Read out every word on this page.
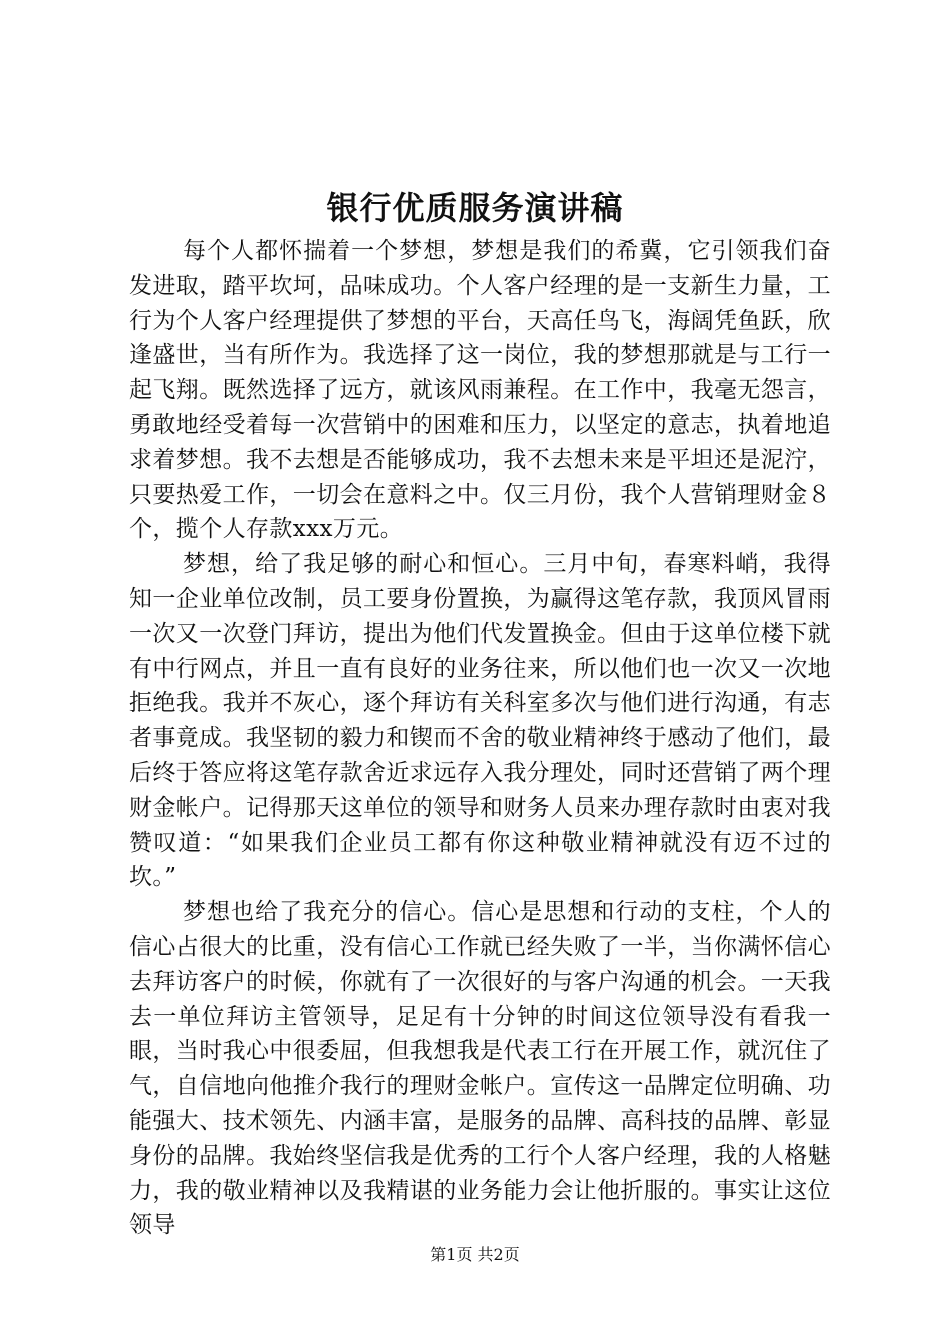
银行优质服务演讲稿

每个人都怀揣着一个梦想，梦想是我们的希冀，它引领我们奋发进取，踏平坎坷，品味成功。个人客户经理的是一支新生力量，工行为个人客户经理提供了梦想的平台，天高任鸟飞，海阔凭鱼跃，欣逢盛世，当有所作为。我选择了这一岗位，我的梦想那就是与工行一起飞翔。既然选择了远方，就该风雨兼程。在工作中，我毫无怨言，勇敢地经受着每一次营销中的困难和压力，以坚定的意志，执着地追求着梦想。我不去想是否能够成功，我不去想未来是平坦还是泥泞，只要热爱工作，一切会在意料之中。仅三月份，我个人营销理财金８个，揽个人存款xxx万元。

梦想，给了我足够的耐心和恒心。三月中旬，春寒料峭，我得知一企业单位改制，员工要身份置换，为赢得这笔存款，我顶风冒雨一次又一次登门拜访，提出为他们代发置换金。但由于这单位楼下就有中行网点，并且一直有良好的业务往来，所以他们也一次又一次地拒绝我。我并不灰心，逐个拜访有关科室多次与他们进行沟通，有志者事竟成。我坚韧的毅力和锲而不舍的敬业精神终于感动了他们，最后终于答应将这笔存款舍近求远存入我分理处，同时还营销了两个理财金帐户。记得那天这单位的领导和财务人员来办理存款时由衷对我赞叹道：“如果我们企业员工都有你这种敬业精神就没有迈不过的坎。”

梦想也给了我充分的信心。信心是思想和行动的支柱，个人的信心占很大的比重，没有信心工作就已经失败了一半，当你满怀信心去拜访客户的时候，你就有了一次很好的与客户沟通的机会。一天我去一单位拜访主管领导，足足有十分钟的时间这位领导没有看我一眼，当时我心中很委屈，但我想我是代表工行在开展工作，就沉住了气，自信地向他推介我行的理财金帐户。宣传这一品牌定位明确、功能强大、技术领先、内涵丰富，是服务的品牌、高科技的品牌、彰显身份的品牌。我始终坚信我是优秀的工行个人客户经理，我的人格魅力，我的敬业精神以及我精谌的业务能力会让他折服的。事实让这位领导

第1页 共2页
